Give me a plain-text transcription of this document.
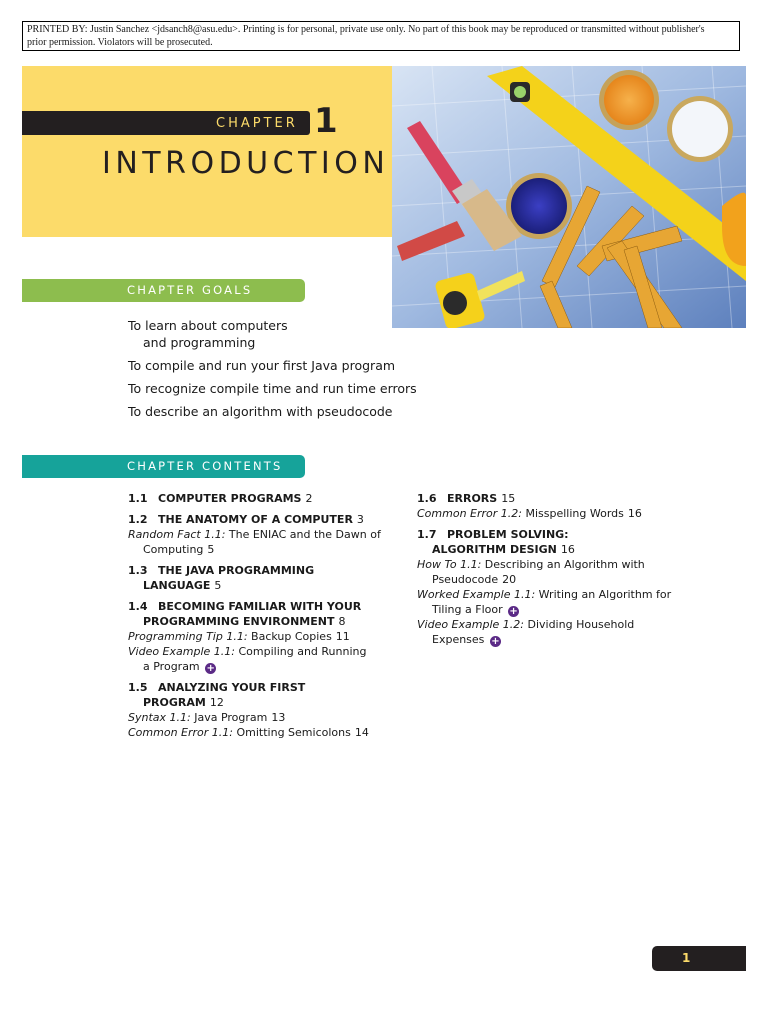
PRINTED BY: Justin Sanchez <jdsanch8@asu.edu>. Printing is for personal, private use only. No part of this book may be reproduced or transmitted without publisher's
prior permission. Violators will be prosecuted.
CHAPTER 1
INTRODUCTION
CHAPTER GOALS
To learn about computers
and programming
To compile and run your first Java program
To recognize compile time and run time errors
To describe an algorithm with pseudocode
CHAPTER CONTENTS
1.1 COMPUTER PROGRAMS 2
1.2 THE ANATOMY OF A COMPUTER 3
Random Fact 1.1: The ENIAC and the Dawn of
Computing 5
1.3 THE JAVA PROGRAMMING
LANGUAGE 5
1.4 BECOMING FAMILIAR WITH YOUR
PROGRAMMING ENVIRONMENT 8
Programming Tip 1.1: Backup Copies 11
Video Example 1.1: Compiling and Running
a Program +
1.5 ANALYZING YOUR FIRST
PROGRAM 12
Syntax 1.1: Java Program 13
Common Error 1.1: Omitting Semicolons 14
1.6 ERRORS 15
Common Error 1.2: Misspelling Words 16
1.7 PROBLEM SOLVING:
ALGORITHM DESIGN 16
How To 1.1: Describing an Algorithm with
Pseudocode 20
Worked Example 1.1: Writing an Algorithm for
Tiling a Floor +
Video Example 1.2: Dividing Household
Expenses +
1
